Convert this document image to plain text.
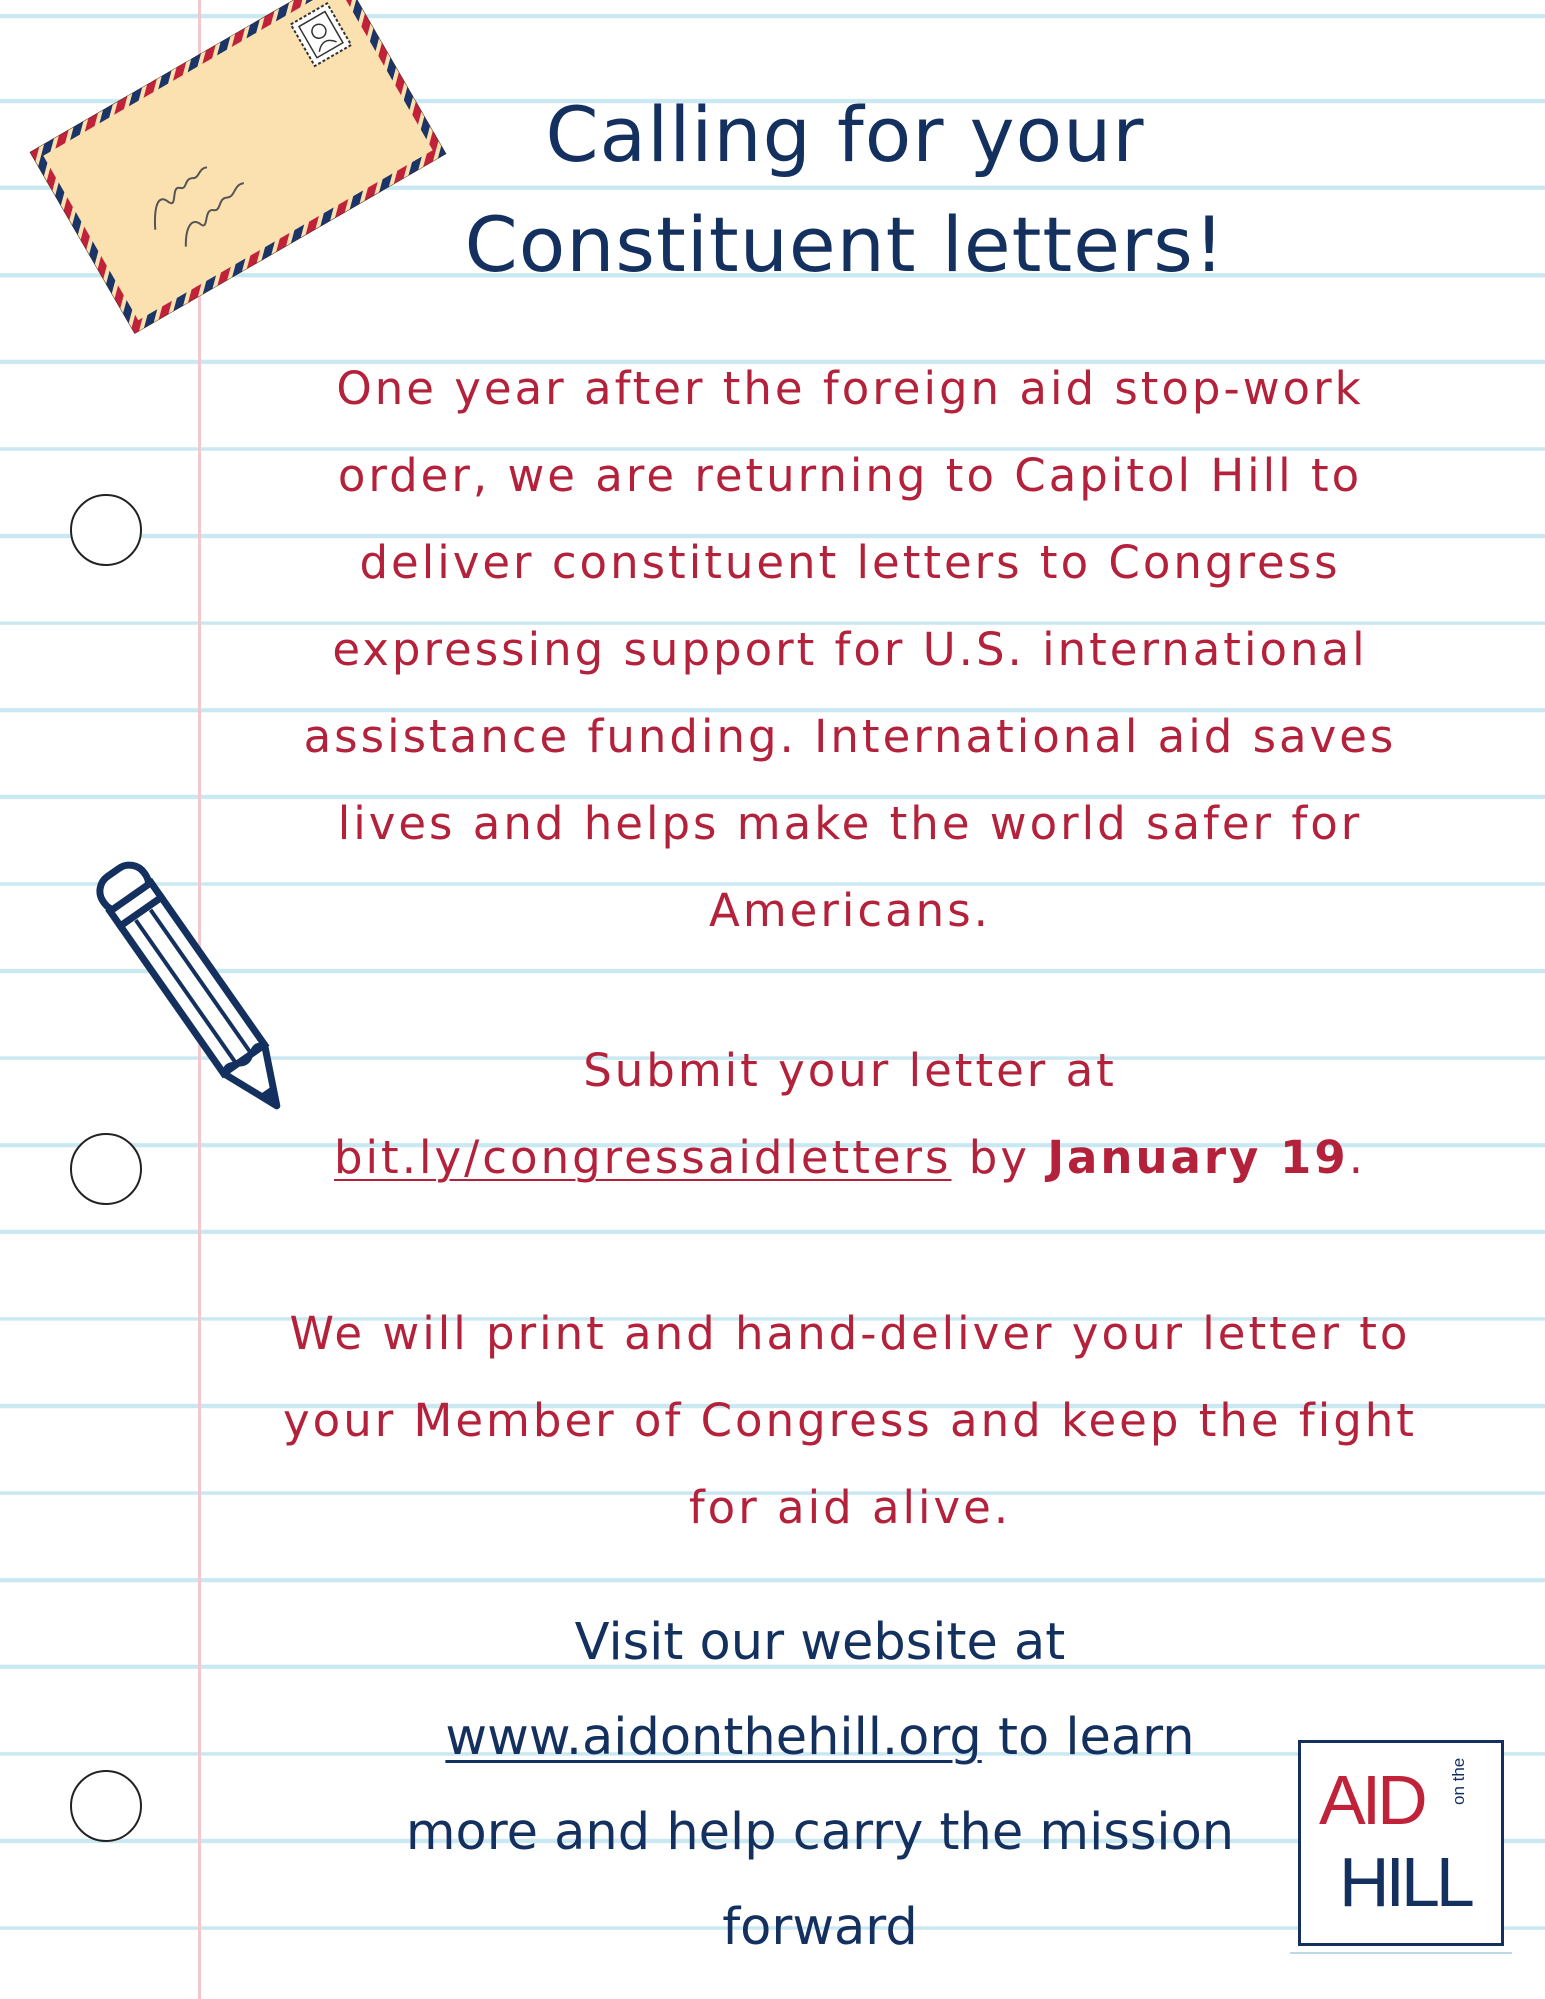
Calling for your
Constituent letters!
One year after the foreign aid stop-work
order, we are returning to Capitol Hill to
deliver constituent letters to Congress
expressing support for U.S. international
assistance funding. International aid saves
lives and helps make the world safer for
Americans.
Submit your letter at
bit.ly/congressaidletters by January 19.
We will print and hand-deliver your letter to
your Member of Congress and keep the fight
for aid alive.
Visit our website at
www.aidonthehill.org to learn
more and help carry the mission
forward
AID on the
HILL
